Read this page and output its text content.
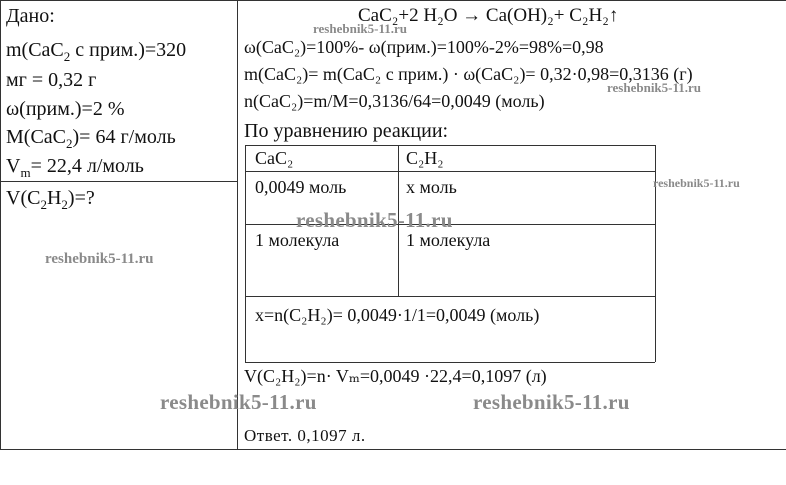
Дано:
m(CaC$_2$ с прим.)=320
мг = 0,32 г
ω(прим.)=2 %
M(CaC$_2$)= 64 г/моль
$V_m= 22,4$ л/моль
$V(C_2H_2)=$?
CaC₂+2 H₂O → Ca(OH)₂+ C₂H₂↑
ω(CaC₂)=100%- ω(прим.)=100%-2%=98%=0,98
m(CaC₂)= m(CaC₂ с прим.) · ω(CaC₂)= 0,32·0,98=0,3136 (г)
n(CaC₂)=m/M=0,3136/64=0,0049 (моль)
По уравнению реакции:
CaC₂	C₂H₂
0,0049 моль	x моль
1 молекула	1 молекула
x=n(C₂H₂)= 0,0049·1/1=0,0049 (моль)
V(C₂H₂)=n· Vₘ=0,0049 ·22,4=0,1097 (л)
Ответ. 0,1097 л.
reshebnik5-11.ru
reshebnik5-11.ru
reshebnik5-11.ru
reshebnik5-11.ru
reshebnik5-11.ru
reshebnik5-11.ru	reshebnik5-11.ru
